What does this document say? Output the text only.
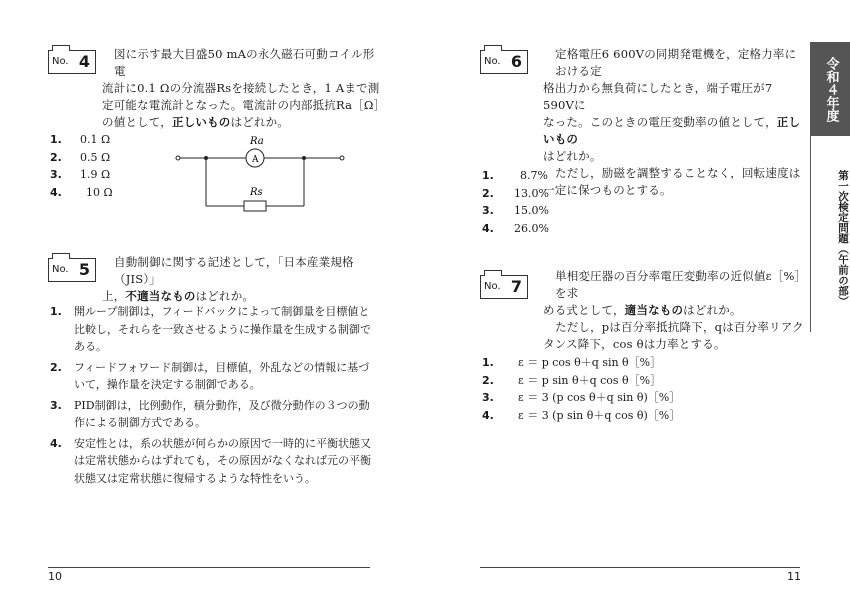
No. 4 図に示す最大目盛50 mAの永久磁石可動コイル形電

流計に0.1 Ωの分流器Rsを接続したとき，1 Aまで測

定可能な電流計となった。電流計の内部抵抗Ra［Ω］

の値として，正しいものはどれか。

1.	0.1 Ω
2.	0.5 Ω
3.	1.9 Ω
4.	10 Ω
A
Ra
Rs
No. 5 自動制御に関する記述として，「日本産業規格（JIS）」

上，不適当なものはどれか。

1.	開ループ制御は，フィードバックによって制御量を目標値と比較し，それらを一致させるように操作量を生成する制御である。
2.	フィードフォワード制御は，目標値，外乱などの情報に基づいて，操作量を決定する制御である。
3.	PID制御は，比例動作，積分動作，及び微分動作の３つの動作による制御方式である。
4.	安定性とは，系の状態が何らかの原因で一時的に平衡状態又は定常状態からはずれても，その原因がなくなれば元の平衡状態又は定常状態に復帰するような特性をいう。
10
No. 6	定格電圧6 600Vの同期発電機を，定格力率における定

格出力から無負荷にしたとき，端子電圧が7 590Vに

なった。このときの電圧変動率の値として，正しいもの

はどれか。

ただし，励磁を調整することなく，回転速度は一定に保つものとする。

1.	8.7%
2.	13.0%
3.	15.0%
4.	26.0%
No. 7

単相変圧器の百分率電圧変動率の近似値ε［%］を求

める式として，適当なものはどれか。

ただし，pは百分率抵抗降下，qは百分率リアクタンス降下，cos θは力率とする。

1.	ε ＝ p cos θ＋q sin θ［%］
2.	ε ＝ p sin θ＋q cos θ［%］
3.	ε ＝ 3 (p cos θ＋q sin θ)［%］
4.	ε ＝ 3 (p sin θ＋q cos θ)［%］
11
令和４年度
第一次検定問題（午前の部）
